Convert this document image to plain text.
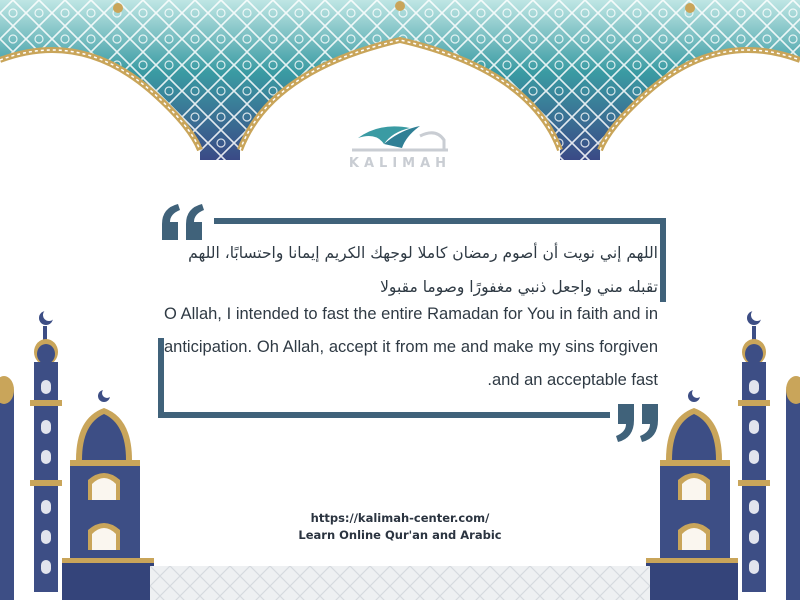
KALIMAH
اللهم إني نويت أن أصوم رمضان كاملا لوجهك الكريم إيمانا واحتسابًا، اللهم تقبله مني واجعل ذنبي مغفورًا وصوما مقبولا
O Allah, I intended to fast the entire Ramadan for You in faith and in anticipation. Oh Allah, accept it from me and make my sins forgiven and an acceptable fast.
https://kalimah-center.com/
Learn Online Qur'an and Arabic
